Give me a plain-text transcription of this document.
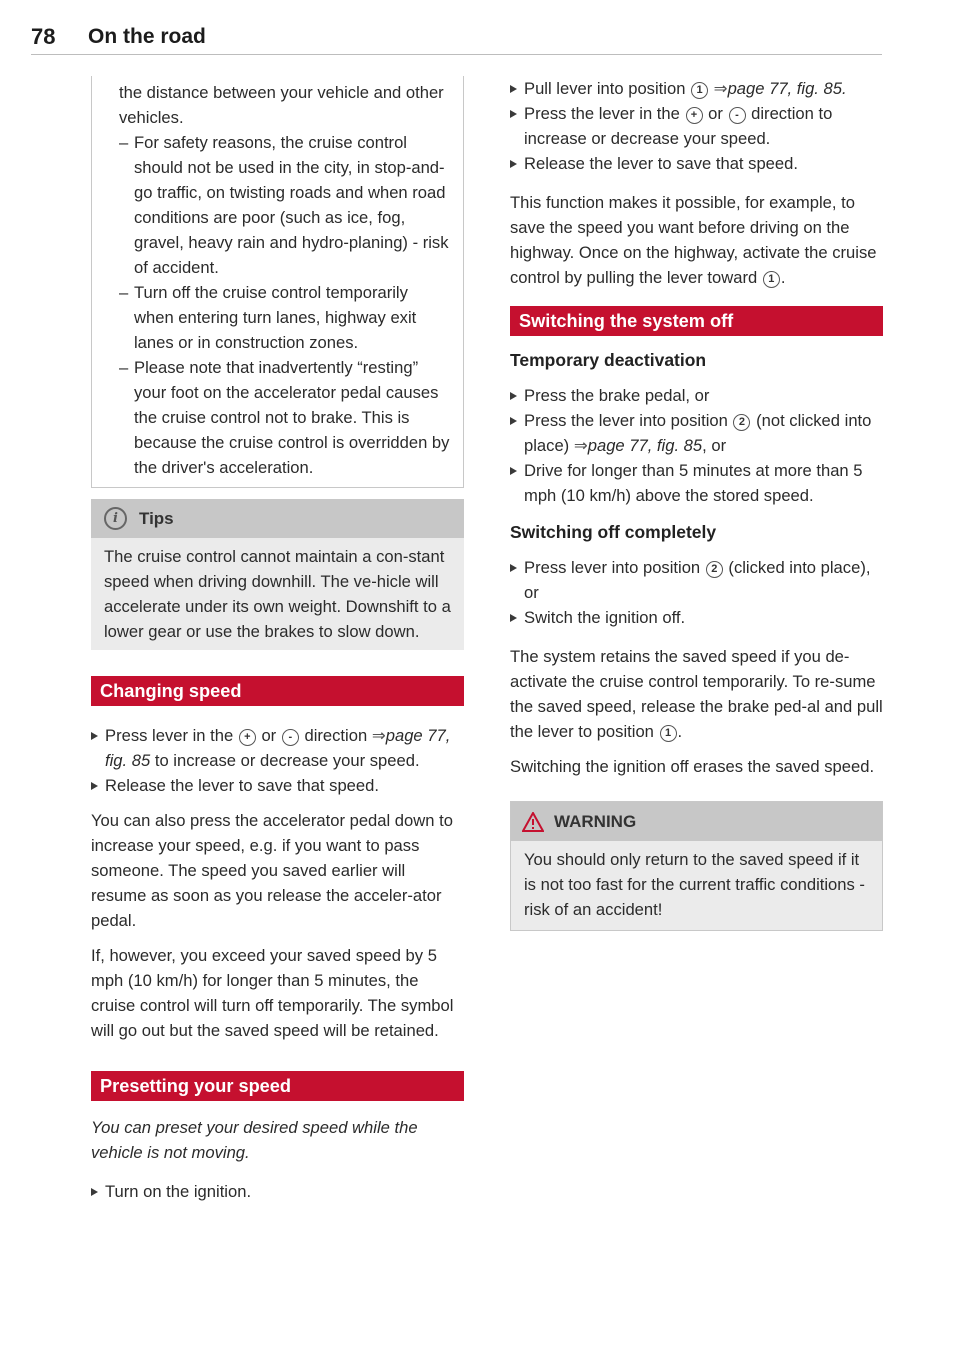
78 On the road

the distance between your vehicle and other vehicles.

– For safety reasons, the cruise control should not be used in the city, in stop-and-go traffic, on twisting roads and when road conditions are poor (such as ice, fog, gravel, heavy rain and hydro-planing) - risk of accident.

– Turn off the cruise control temporarily when entering turn lanes, highway exit lanes or in construction zones.

– Please note that inadvertently “resting” your foot on the accelerator pedal causes the cruise control not to brake. This is because the cruise control is overridden by the driver's acceleration.

i	Tips

The cruise control cannot maintain a con-stant speed when driving downhill. The ve-hicle will accelerate under its own weight. Downshift to a lower gear or use the brakes to slow down.

Changing speed

Press lever in the + or - direction ⇒page 77, fig. 85 to increase or decrease your speed.

Release the lever to save that speed.

You can also press the accelerator pedal down to increase your speed, e.g. if you want to pass someone. The speed you saved earlier will resume as soon as you release the acceler-ator pedal.

If, however, you exceed your saved speed by 5 mph (10 km/h) for longer than 5 minutes, the cruise control will turn off temporarily. The symbol will go out but the saved speed will be retained.

Presetting your speed

You can preset your desired speed while the vehicle is not moving.

Turn on the ignition.

Pull lever into position 1 ⇒page 77, fig. 85.

Press the lever in the + or - direction to increase or decrease your speed.

Release the lever to save that speed.

This function makes it possible, for example, to save the speed you want before driving on the highway. Once on the highway, activate the cruise control by pulling the lever toward 1 .

Switching the system off

Temporary deactivation

Press the brake pedal, or

Press the lever into position 2 (not clicked into place) ⇒page 77, fig. 85, or

Drive for longer than 5 minutes at more than 5 mph (10 km/h) above the stored speed.

Switching off completely

Press lever into position 2 (clicked into place), or

Switch the ignition off.

The system retains the saved speed if you de-activate the cruise control temporarily. To re-sume the saved speed, release the brake ped-al and pull the lever to position 1 .

Switching the ignition off erases the saved speed.

WARNING

You should only return to the saved speed if it is not too fast for the current traffic conditions - risk of an accident!
